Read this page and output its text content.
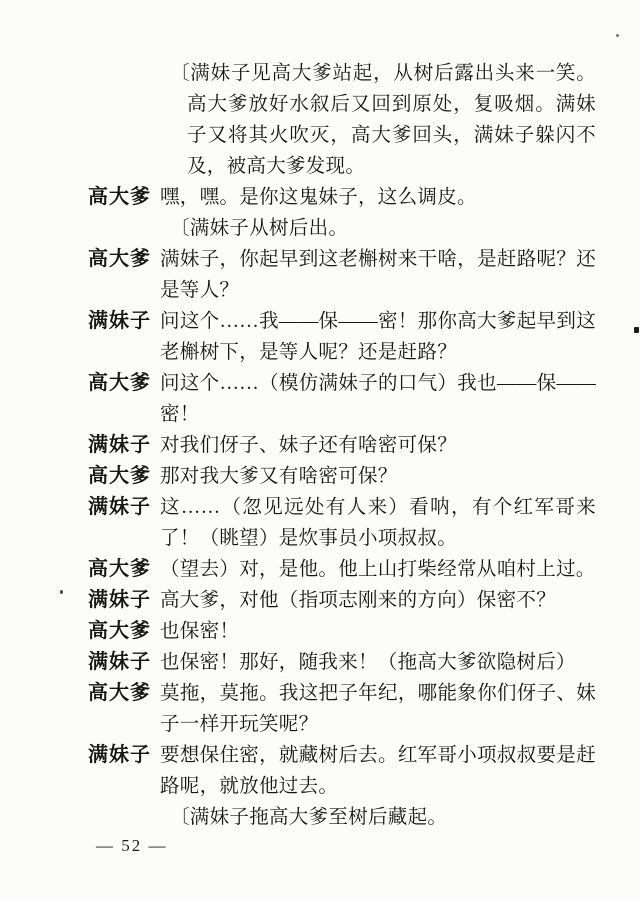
〔满妹子见高大爹站起，从树后露出头来一笑。高大爹放好水叙后又回到原处，复吸烟。满妹子又将其火吹灭，高大爹回头，满妹子躲闪不及，被高大爹发现。

高大爹 嘿，嘿。是你这鬼妹子，这么调皮。

〔满妹子从树后出。

高大爹 满妹子，你起早到这老槲树来干啥，是赶路呢？还是等人？

满妹子 问这个……我——保——密！那你高大爹起早到这老槲树下，是等人呢？还是赶路？

高大爹 问这个……（模仿满妹子的口气）我也——保——密！

满妹子 对我们伢子、妹子还有啥密可保？

高大爹 那对我大爹又有啥密可保？

满妹子 这……（忽见远处有人来）看呐，有个红军哥来了！（眺望）是炊事员小项叔叔。

高大爹 （望去）对，是他。他上山打柴经常从咱村上过。

满妹子 高大爹，对他（指项志刚来的方向）保密不？

高大爹 也保密！

满妹子 也保密！那好，随我来！（拖高大爹欲隐树后）

高大爹 莫拖，莫拖。我这把子年纪，哪能象你们伢子、妹子一样开玩笑呢？

满妹子 要想保住密，就藏树后去。红军哥小项叔叔要是赶路呢，就放他过去。

〔满妹子拖高大爹至树后藏起。

— 52 —
